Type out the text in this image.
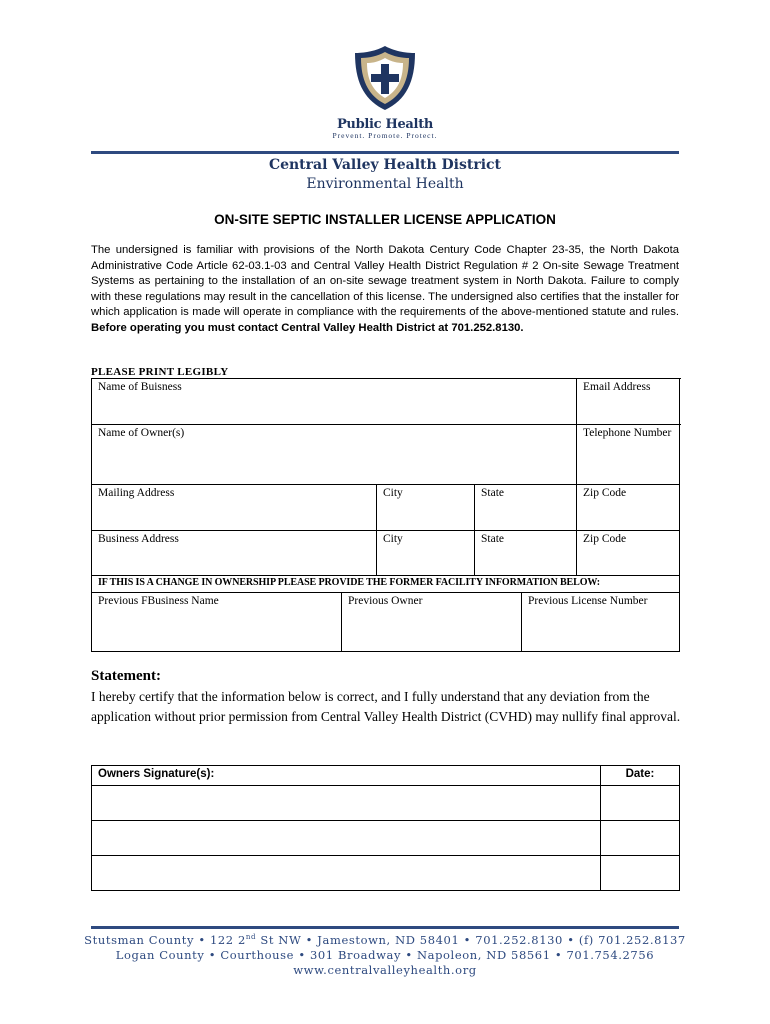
Public Health
Prevent. Promote. Protect.
Central Valley Health District
Environmental Health
ON-SITE SEPTIC INSTALLER LICENSE APPLICATION
The undersigned is familiar with provisions of the North Dakota Century Code Chapter 23-35, the North Dakota Administrative Code Article 62-03.1-03 and Central Valley Health District Regulation # 2 On-site Sewage Treatment Systems as pertaining to the installation of an on-site sewage treatment system in North Dakota. Failure to comply with these regulations may result in the cancellation of this license. The undersigned also certifies that the installer for which application is made will operate in compliance with the requirements of the above-mentioned statute and rules. Before operating you must contact Central Valley Health District at 701.252.8130.
PLEASE PRINT LEGIBLY
Name of Buisness			Email Address
Name of Owner(s)			Telephone Number
Mailing Address	City	State	Zip Code
Business Address	City	State	Zip Code
IF THIS IS A CHANGE IN OWNERSHIP PLEASE PROVIDE THE FORMER FACILITY INFORMATION BELOW:
Previous FBusiness Name	Previous Owner	Previous License Number
Statement:
I hereby certify that the information below is correct, and I fully understand that any deviation from the application without prior permission from Central Valley Health District (CVHD) may nullify final approval.
Owners Signature(s):	Date:

Stutsman County • 122 2nd St NW • Jamestown, ND 58401 • 701.252.8130 • (f) 701.252.8137
Logan County • Courthouse • 301 Broadway • Napoleon, ND 58561 • 701.754.2756
www.centralvalleyhealth.org
